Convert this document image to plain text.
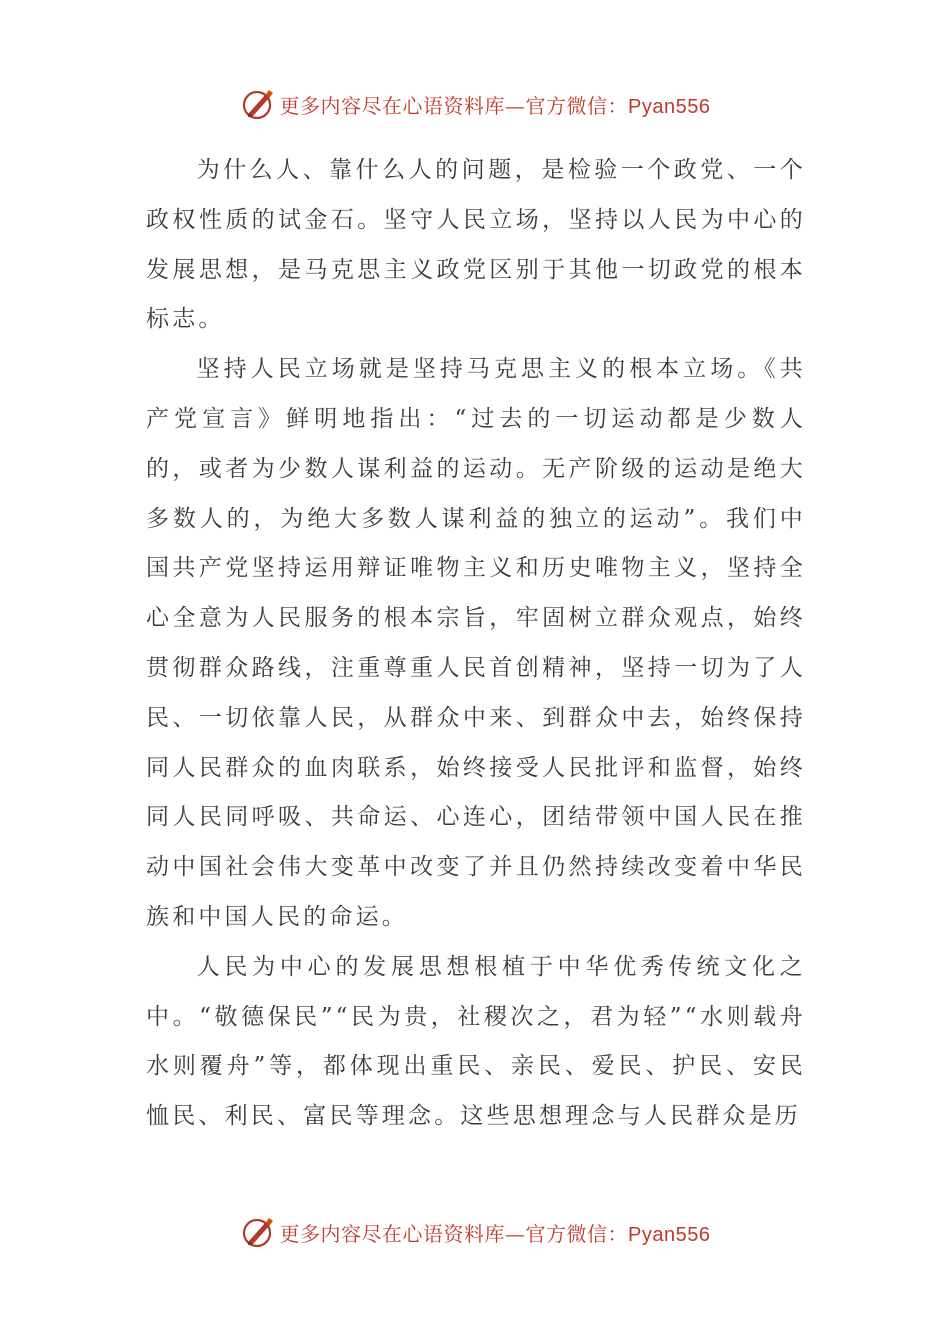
更多内容尽在心语资料库—官方微信：Pyan556

为什么人、靠什么人的问题，是检验一个政党、一个政权性质的试金石。坚守人民立场，坚持以人民为中心的发展思想，是马克思主义政党区别于其他一切政党的根本标志。

坚持人民立场就是坚持马克思主义的根本立场。《共产党宣言》鲜明地指出：“过去的一切运动都是少数人的，或者为少数人谋利益的运动。无产阶级的运动是绝大多数人的，为绝大多数人谋利益的独立的运动”。我们中国共产党坚持运用辩证唯物主义和历史唯物主义，坚持全心全意为人民服务的根本宗旨，牢固树立群众观点，始终贯彻群众路线，注重尊重人民首创精神，坚持一切为了人民、一切依靠人民，从群众中来、到群众中去，始终保持同人民群众的血肉联系，始终接受人民批评和监督，始终同人民同呼吸、共命运、心连心，团结带领中国人民在推动中国社会伟大变革中改变了并且仍然持续改变着中华民族和中国人民的命运。

人民为中心的发展思想根植于中华优秀传统文化之中。“敬德保民”“民为贵，社稷次之，君为轻”“水则载舟水则覆舟”等，都体现出重民、亲民、爱民、护民、安民恤民、利民、富民等理念。这些思想理念与人民群众是历

更多内容尽在心语资料库—官方微信：Pyan556
